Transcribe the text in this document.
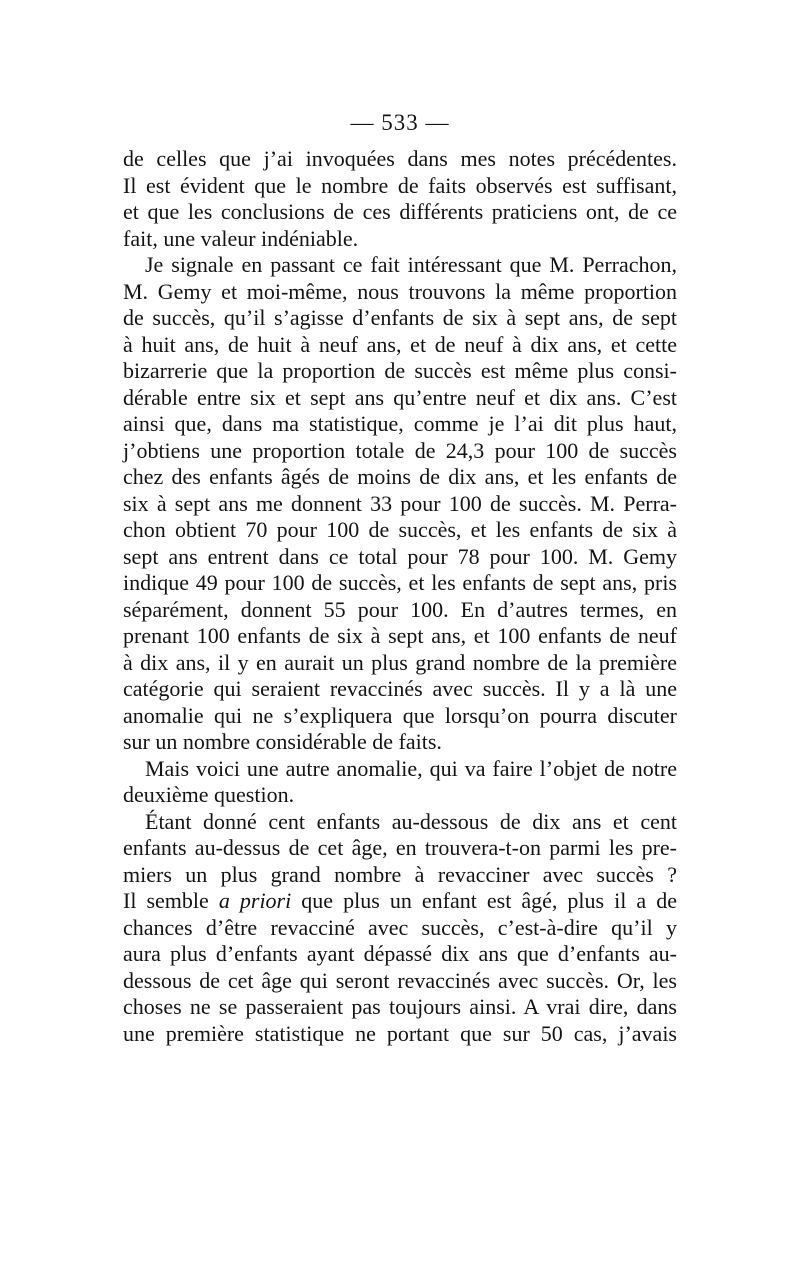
— 533 —
de celles que j’ai invoquées dans mes notes précédentes.
Il est évident que le nombre de faits observés est suffisant,
et que les conclusions de ces différents praticiens ont, de ce
fait, une valeur indéniable.
Je signale en passant ce fait intéressant que M. Perrachon,
M. Gemy et moi-même, nous trouvons la même proportion
de succès, qu’il s’agisse d’enfants de six à sept ans, de sept
à huit ans, de huit à neuf ans, et de neuf à dix ans, et cette
bizarrerie que la proportion de succès est même plus consi-
dérable entre six et sept ans qu’entre neuf et dix ans. C’est
ainsi que, dans ma statistique, comme je l’ai dit plus haut,
j’obtiens une proportion totale de 24,3 pour 100 de succès
chez des enfants âgés de moins de dix ans, et les enfants de
six à sept ans me donnent 33 pour 100 de succès. M. Perra-
chon obtient 70 pour 100 de succès, et les enfants de six à
sept ans entrent dans ce total pour 78 pour 100. M. Gemy
indique 49 pour 100 de succès, et les enfants de sept ans, pris
séparément, donnent 55 pour 100. En d’autres termes, en
prenant 100 enfants de six à sept ans, et 100 enfants de neuf
à dix ans, il y en aurait un plus grand nombre de la première
catégorie qui seraient revaccinés avec succès. Il y a là une
anomalie qui ne s’expliquera que lorsqu’on pourra discuter
sur un nombre considérable de faits.
Mais voici une autre anomalie, qui va faire l’objet de notre
deuxième question.
Étant donné cent enfants au-dessous de dix ans et cent
enfants au-dessus de cet âge, en trouvera-t-on parmi les pre-
miers un plus grand nombre à revacciner avec succès ?
Il semble a priori que plus un enfant est âgé, plus il a de
chances d’être revacciné avec succès, c’est-à-dire qu’il y
aura plus d’enfants ayant dépassé dix ans que d’enfants au-
dessous de cet âge qui seront revaccinés avec succès. Or, les
choses ne se passeraient pas toujours ainsi. A vrai dire, dans
une première statistique ne portant que sur 50 cas, j’avais
